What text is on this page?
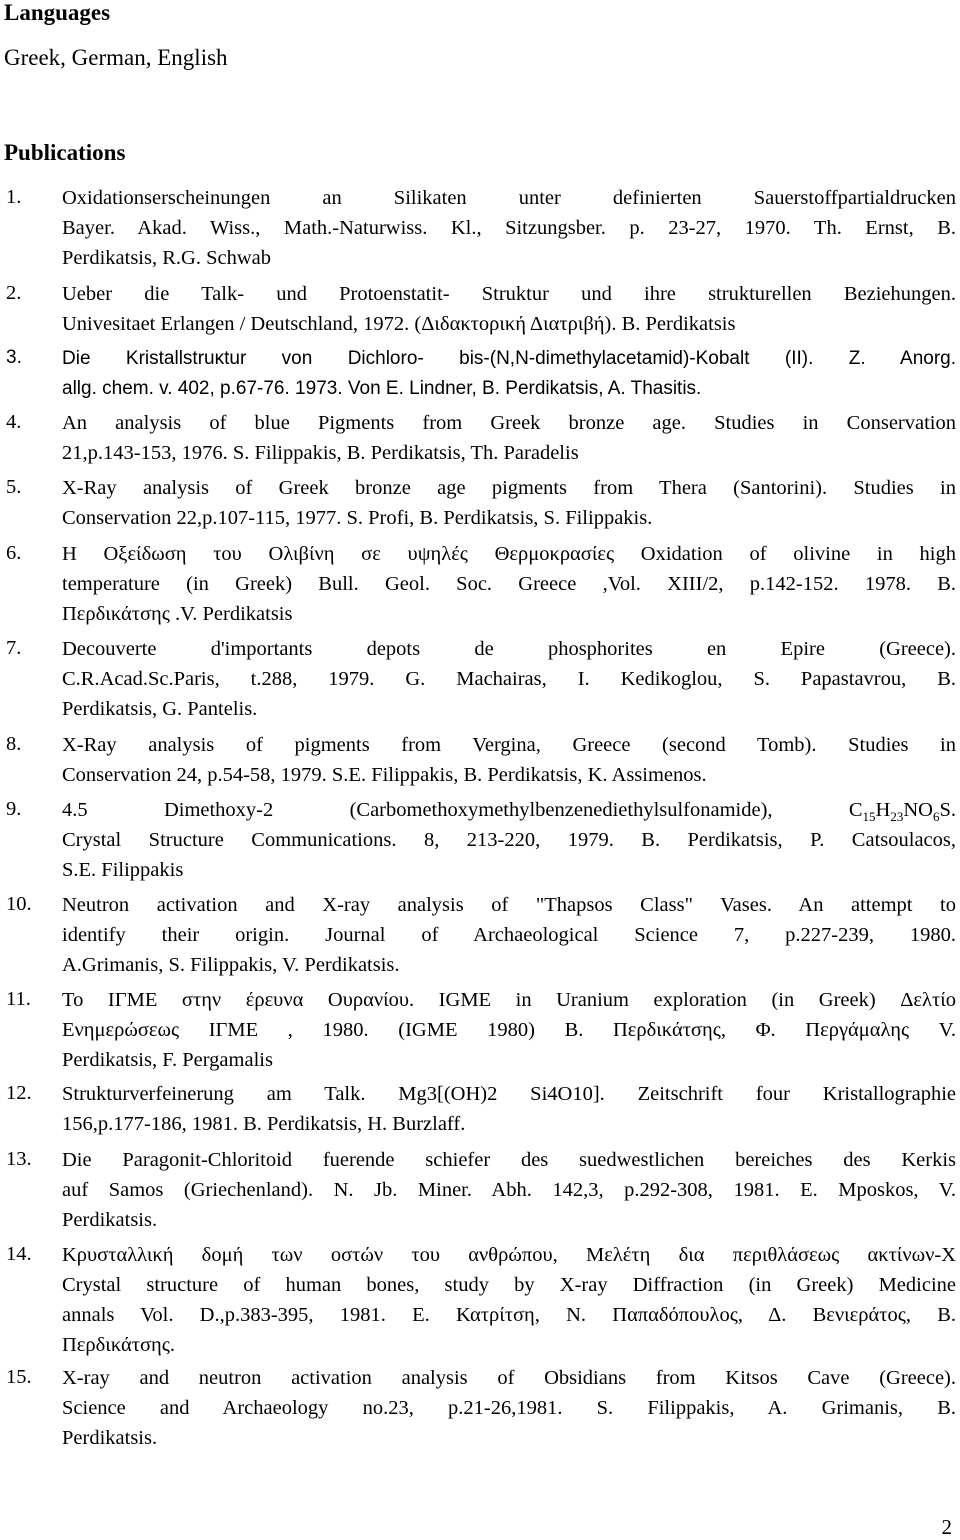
Languages

Greek, German, English

Publications
1. Oxidationserscheinungen an Silikaten unter definierten Sauerstoffpartialdrucken
Bayer. Akad. Wiss., Math.-Naturwiss. Kl., Sitzungsber. p. 23-27, 1970. Th. Ernst, B.
Perdikatsis, R.G. Schwab
2. Ueber die Talk- und Protoenstatit- Struktur und ihre strukturellen Beziehungen.
Univesitaet Erlangen / Deutschland, 1972. (Διδακτορική Διατριβή). B. Perdikatsis
3. Die Kristallstruκtur von Dichloro- bis-(N,N-dimethylacetamid)-Kobalt (II). Z. Anorg.
allg. chem. v. 402, p.67-76. 1973. Von E. Lindner, B. Perdikatsis, A. Thasitis.
4. An analysis of blue Pigments from Greek bronze age. Studies in Conservation
21,p.143-153, 1976. S. Filippakis, B. Perdikatsis, Th. Paradelis
5. X-Ray analysis of Greek bronze age pigments from Thera (Santorini). Studies in
Conservation 22,p.107-115, 1977. S. Profi, B. Perdikatsis, S. Filippakis.
6. Η Οξείδωση του Ολιβίνη σε υψηλές Θερμοκρασίες Oxidation of olivine in high
temperature (in Greek) Bull. Geol. Soc. Greece ,Vol. XIII/2, p.142-152. 1978. B.
Περδικάτσης .V. Perdikatsis
7. Decouverte d'importants depots de phosphorites en Epire (Greece).
C.R.Acad.Sc.Paris, t.288, 1979. G. Machairas, I. Kedikoglou, S. Papastavrou, B.
Perdikatsis, G. Pantelis.
8. X-Ray analysis of pigments from Vergina, Greece (second Tomb). Studies in
Conservation 24, p.54-58, 1979. S.E. Filippakis, B. Perdikatsis, K. Assimenos.
9. 4.5 Dimethoxy-2 (Carbomethoxymethylbenzenediethylsulfonamide), $C_{15}H_{23}NO_6S$.
Crystal Structure Communications. 8, 213-220, 1979. B. Perdikatsis, P. Catsoulacos,
S.E. Filippakis
10. Neutron activation and X-ray analysis of "Thapsos Class" Vases. An attempt to
identify their origin. Journal of Archaeological Science 7, p.227-239, 1980.
A.Grimanis, S. Filippakis, V. Perdikatsis.
11. Το ΙΓΜΕ στην έρευνα Ουρανίου. IGME in Uranium exploration (in Greek) Δελτίο
Ενημερώσεως ΙΓΜΕ , 1980. (IGME 1980) B. Περδικάτσης, Φ. Περγάμαλης V.
Perdikatsis, F. Pergamalis
12. Strukturverfeinerung am Talk. Mg3[(OH)2 Si4O10]. Zeitschrift four Kristallographie
156,p.177-186, 1981. B. Perdikatsis, H. Burzlaff.
13. Die Paragonit-Chloritoid fuerende schiefer des suedwestlichen bereiches des Kerkis
auf Samos (Griechenland). N. Jb. Miner. Abh. 142,3, p.292-308, 1981. E. Mposkos, V.
Perdikatsis.
14. Κρυσταλλική δομή των οστών του ανθρώπου, Μελέτη δια περιθλάσεως ακτίνων-Χ
Crystal structure of human bones, study by X-ray Diffraction (in Greek) Medicine
annals Vol. D.,p.383-395, 1981. Ε. Κατρίτση, Ν. Παπαδόπουλος, Δ. Βενιεράτος, Β.
Περδικάτσης.
15. X-ray and neutron activation analysis of Obsidians from Kitsos Cave (Greece).
Science and Archaeology no.23, p.21-26,1981. S. Filippakis, A. Grimanis, B.
Perdikatsis.
2
